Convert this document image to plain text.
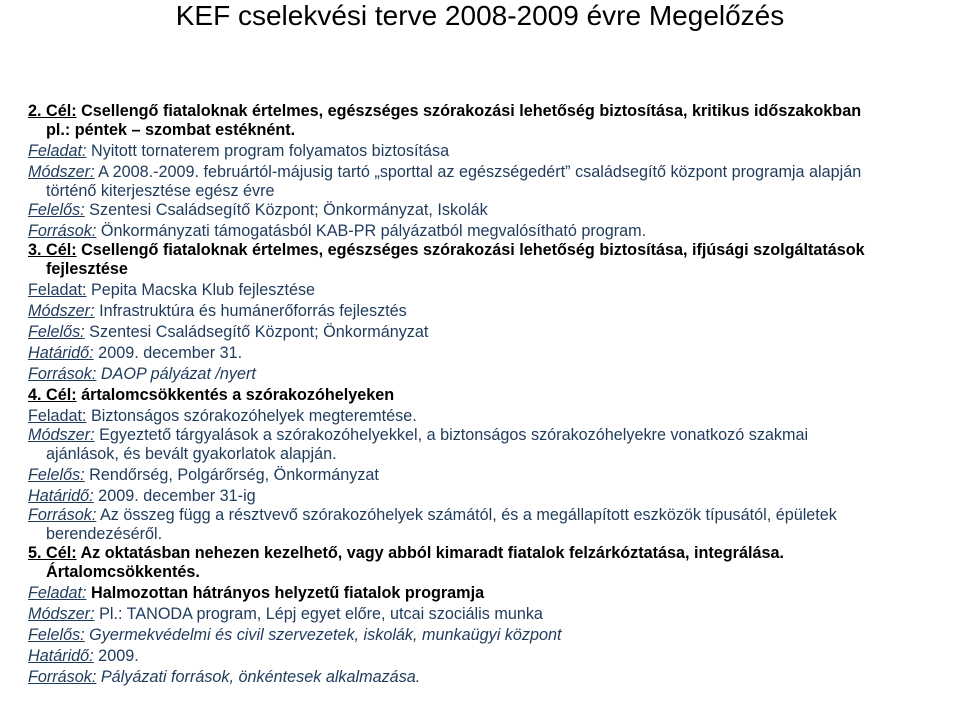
KEF cselekvési terve 2008-2009 évre Megelőzés
2. Cél: Csellengő fiataloknak értelmes, egészséges szórakozási lehetőség biztosítása, kritikus időszakokban
pl.: péntek – szombat estéknént.
Feladat: Nyitott tornaterem program folyamatos biztosítása
Módszer: A 2008.-2009. februártól-májusig tartó „sporttal az egészségedért” családsegítő központ programja alapján
történő kiterjesztése egész évre
Felelős: Szentesi Családsegítő Központ; Önkormányzat, Iskolák
Források: Önkormányzati támogatásból KAB-PR pályázatból megvalósítható program.
3. Cél: Csellengő fiataloknak értelmes, egészséges szórakozási lehetőség biztosítása, ifjúsági szolgáltatások
fejlesztése
Feladat: Pepita Macska Klub fejlesztése
Módszer: Infrastruktúra és humánerőforrás fejlesztés
Felelős: Szentesi Családsegítő Központ; Önkormányzat
Határidő: 2009. december 31.
Források: DAOP pályázat /nyert
4. Cél: ártalomcsökkentés a szórakozóhelyeken
Feladat: Biztonságos szórakozóhelyek megteremtése.
Módszer: Egyeztető tárgyalások a szórakozóhelyekkel, a biztonságos szórakozóhelyekre vonatkozó szakmai
ajánlások, és bevált gyakorlatok alapján.
Felelős: Rendőrség, Polgárőrség, Önkormányzat
Határidő: 2009. december 31-ig
Források: Az összeg függ a résztvevő szórakozóhelyek számától, és a megállapított eszközök típusától, épületek
berendezéséről.
5. Cél: Az oktatásban nehezen kezelhető, vagy abból kimaradt fiatalok felzárkóztatása, integrálása.
Ártalomcsökkentés.
Feladat: Halmozottan hátrányos helyzetű fiatalok programja
Módszer: Pl.: TANODA program, Lépj egyet előre, utcai szociális munka
Felelős: Gyermekvédelmi és civil szervezetek, iskolák, munkaügyi központ
Határidő: 2009.
Források: Pályázati források, önkéntesek alkalmazása.
